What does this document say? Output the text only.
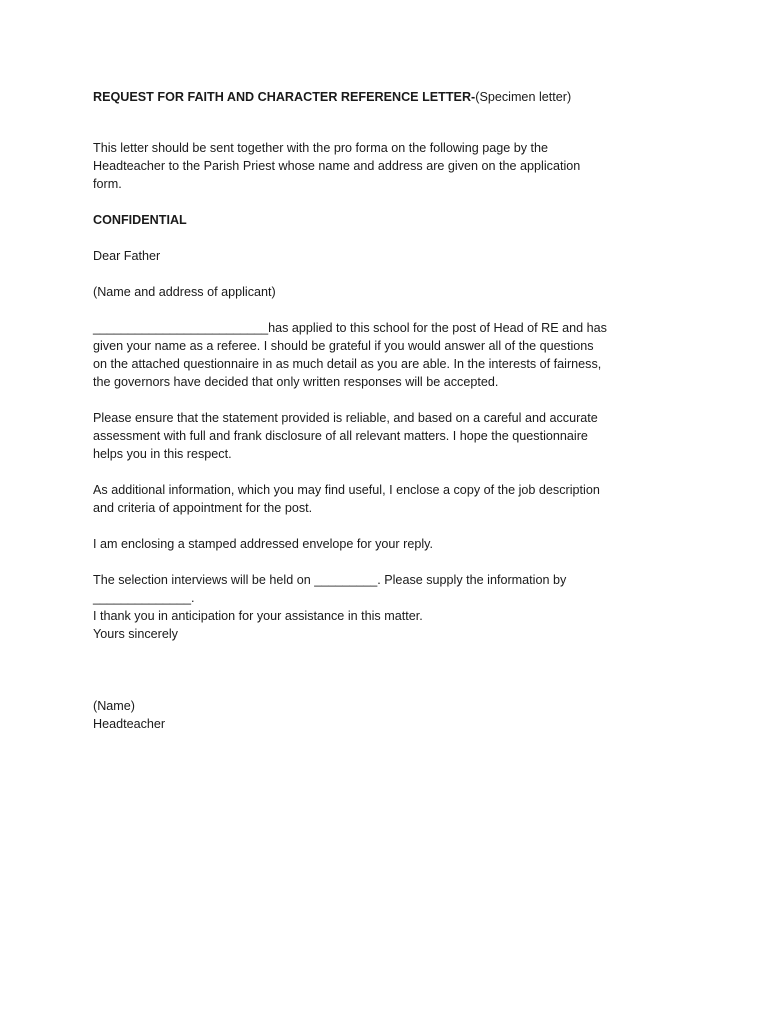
REQUEST FOR FAITH AND CHARACTER REFERENCE LETTER-(Specimen letter)

This letter should be sent together with the pro forma on the following page by the

Headteacher to the Parish Priest whose name and address are given on the application

form.

CONFIDENTIAL

Dear Father

(Name and address of applicant)

_________________________has applied to this school for the post of Head of RE and has

given your name as a referee. I should be grateful if you would answer all of the questions

on the attached questionnaire in as much detail as you are able. In the interests of fairness,

the governors have decided that only written responses will be accepted.

Please ensure that the statement provided is reliable, and based on a careful and accurate

assessment with full and frank disclosure of all relevant matters. I hope the questionnaire

helps you in this respect.

As additional information, which you may find useful, I enclose a copy of the job description

and criteria of appointment for the post.

I am enclosing a stamped addressed envelope for your reply.

The selection interviews will be held on _________. Please supply the information by

______________.

I thank you in anticipation for your assistance in this matter.

Yours sincerely

(Name)

Headteacher
